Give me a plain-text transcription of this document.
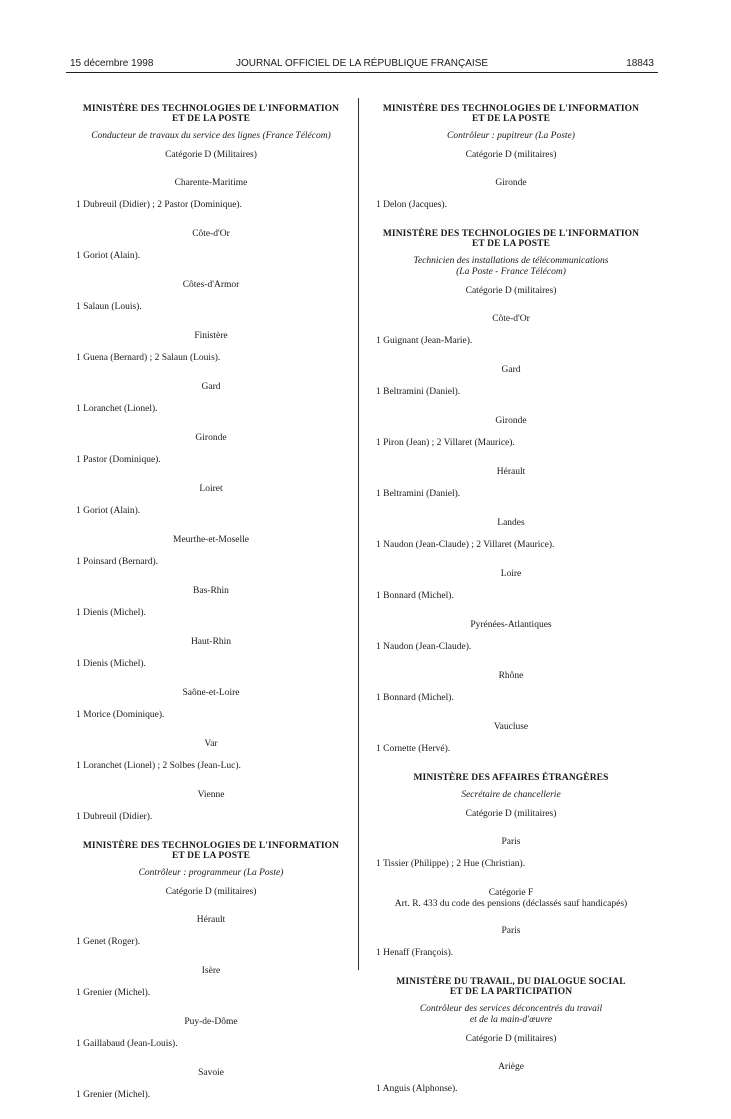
15 décembre 1998	JOURNAL OFFICIEL DE LA RÉPUBLIQUE FRANÇAISE	18843
MINISTÈRE DES TECHNOLOGIES DE L'INFORMATION
ET DE LA POSTE
Conducteur de travaux du service des lignes (France Télécom)
Catégorie D (Militaires)
Charente-Maritime
1 Dubreuil (Didier) ; 2 Pastor (Dominique).
Côte-d'Or
1 Goriot (Alain).
Côtes-d'Armor
1 Salaun (Louis).
Finistère
1 Guena (Bernard) ; 2 Salaun (Louis).
Gard
1 Loranchet (Lionel).
Gironde
1 Pastor (Dominique).
Loiret
1 Goriot (Alain).
Meurthe-et-Moselle
1 Poinsard (Bernard).
Bas-Rhin
1 Dienis (Michel).
Haut-Rhin
1 Dienis (Michel).
Saône-et-Loire
1 Morice (Dominique).
Var
1 Loranchet (Lionel) ; 2 Solbes (Jean-Luc).
Vienne
1 Dubreuil (Didier).
MINISTÈRE DES TECHNOLOGIES DE L'INFORMATION
ET DE LA POSTE
Contrôleur : programmeur (La Poste)
Catégorie D (militaires)
Hérault
1 Genet (Roger).
Isère
1 Grenier (Michel).
Puy-de-Dôme
1 Gaillabaud (Jean-Louis).
Savoie
1 Grenier (Michel).
MINISTÈRE DES TECHNOLOGIES DE L'INFORMATION
ET DE LA POSTE
Contrôleur : pupitreur (La Poste)
Catégorie D (militaires)
Gironde
1 Delon (Jacques).
MINISTÈRE DES TECHNOLOGIES DE L'INFORMATION
ET DE LA POSTE
Technicien des installations de télécommunications
(La Poste - France Télécom)
Catégorie D (militaires)
Côte-d'Or
1 Guignant (Jean-Marie).
Gard
1 Beltramini (Daniel).
Gironde
1 Piron (Jean) ; 2 Villaret (Maurice).
Hérault
1 Beltramini (Daniel).
Landes
1 Naudon (Jean-Claude) ; 2 Villaret (Maurice).
Loire
1 Bonnard (Michel).
Pyrénées-Atlantiques
1 Naudon (Jean-Claude).
Rhône
1 Bonnard (Michel).
Vaucluse
1 Cornette (Hervé).
MINISTÈRE DES AFFAIRES ÉTRANGÈRES
Secrétaire de chancellerie
Catégorie D (militaires)
Paris
1 Tissier (Philippe) ; 2 Hue (Christian).
Catégorie F
Art. R. 433 du code des pensions (déclassés sauf handicapés)
Paris
1 Henaff (François).
MINISTÈRE DU TRAVAIL, DU DIALOGUE SOCIAL
ET DE LA PARTICIPATION
Contrôleur des services déconcentrés du travail
et de la main-d'œuvre
Catégorie D (militaires)
Ariège
1 Anguis (Alphonse).
